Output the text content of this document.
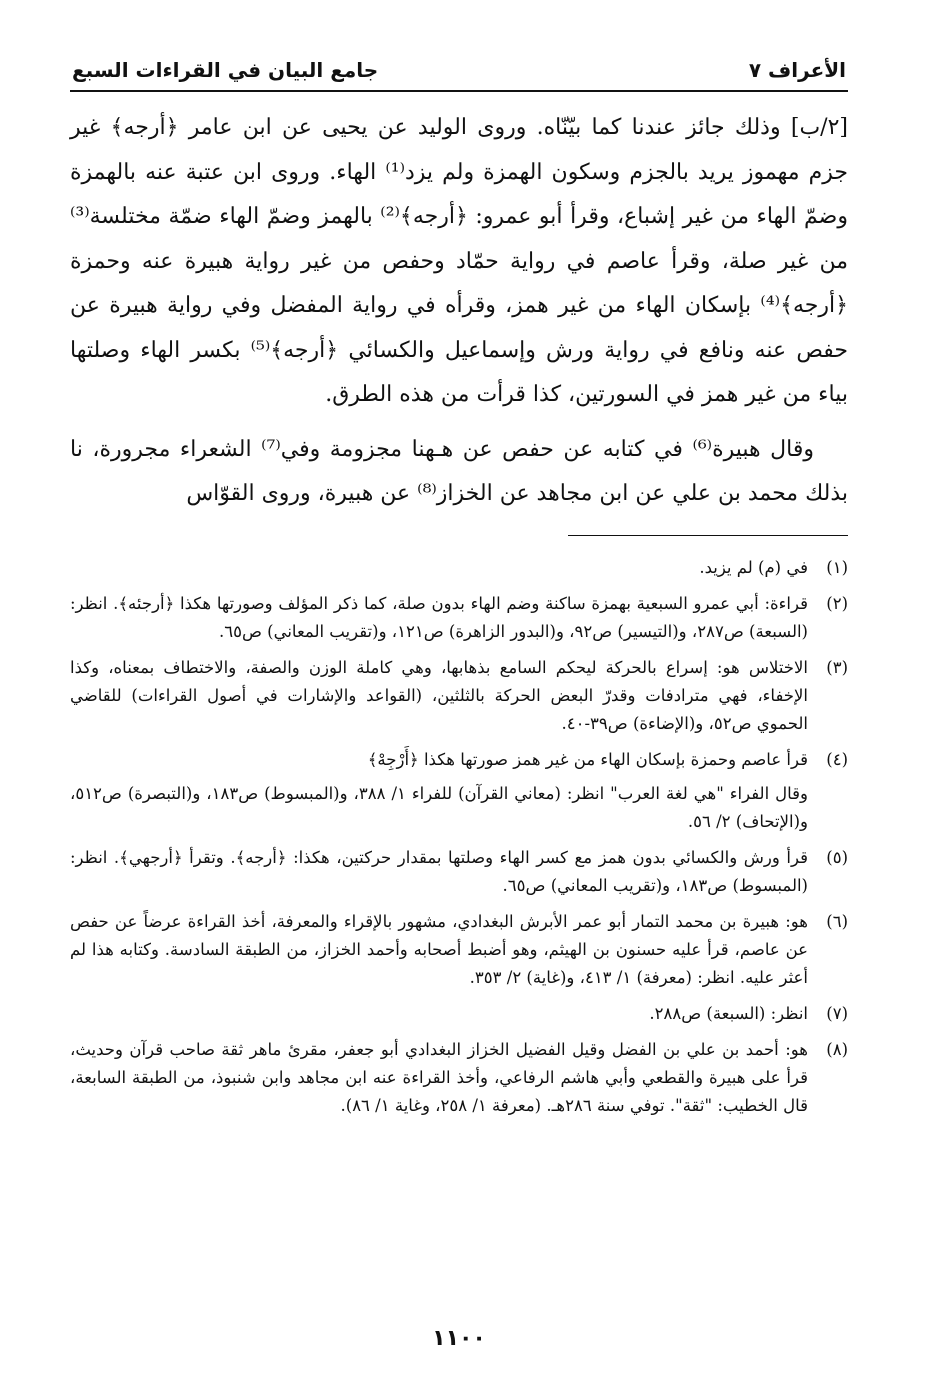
الأعراف ٧
جامع البيان في القراءات السبع

[٢/ب] وذلك جائز عندنا كما بيّنّاه. وروى الوليد عن يحيى عن ابن عامر ﴿أرجه﴾ غير جزم مهموز يريد بالجزم وسكون الهمزة ولم يزد⁽¹⁾ الهاء. وروى ابن عتبة عنه بالهمزة وضمّ الهاء من غير إشباع، وقرأ أبو عمرو: ﴿أرجه﴾⁽²⁾ بالهمز وضمّ الهاء ضمّة مختلسة⁽³⁾ من غير صلة، وقرأ عاصم في رواية حمّاد وحفص من غير رواية هبيرة عنه وحمزة ﴿أرجه﴾⁽⁴⁾ بإسكان الهاء من غير همز، وقرأه في رواية المفضل وفي رواية هبيرة عن حفص عنه ونافع في رواية ورش وإسماعيل والكسائي ﴿أرجه﴾⁽⁵⁾ بكسر الهاء وصلتها بياء من غير همز في السورتين، كذا قرأت من هذه الطرق.

وقال هبيرة⁽⁶⁾ في كتابه عن حفص عن هـهنا مجزومة وفي⁽⁷⁾ الشعراء مجرورة، نا بذلك محمد بن علي عن ابن مجاهد عن الخزاز⁽⁸⁾ عن هبيرة، وروى القوّاس

(١)

في (م) لم يزيد.

(٢)

قراءة: أبي عمرو السبعية بهمزة ساكنة وضم الهاء بدون صلة، كما ذكر المؤلف وصورتها هكذا ﴿أرجئه﴾. انظر: (السبعة) ص٢٨٧، و(التيسير) ص٩٢، و(البدور الزاهرة) ص١٢١، و(تقريب المعاني) ص٦٥.

(٣)

الاختلاس هو: إسراع بالحركة ليحكم السامع بذهابها، وهي كاملة الوزن والصفة، والاختطاف بمعناه، وكذا الإخفاء، فهي مترادفات وقدرّ البعض الحركة بالثلثين، (القواعد والإشارات في أصول القراءات) للقاضي الحموي ص٥٢، و(الإضاءة) ص٣٩-٤٠.

(٤)

قرأ عاصم وحمزة بإسكان الهاء من غير همز صورتها هكذا ﴿أَرْجِهْ﴾

وقال الفراء "هي لغة العرب" انظر: (معاني القرآن) للفراء ١/ ٣٨٨، و(المبسوط) ص١٨٣، و(التبصرة) ص٥١٢، و(الإتحاف) ٢/ ٥٦.

(٥)

قرأ ورش والكسائي بدون همز مع كسر الهاء وصلتها بمقدار حركتين، هكذا: ﴿أرجه﴾. وتقرأ ﴿أرجهي﴾. انظر: (المبسوط) ص١٨٣، و(تقريب المعاني) ص٦٥.

(٦)

هو: هبيرة بن محمد التمار أبو عمر الأبرش البغدادي، مشهور بالإقراء والمعرفة، أخذ القراءة عرضاً عن حفص عن عاصم، قرأ عليه حسنون بن الهيثم، وهو أضبط أصحابه وأحمد الخزاز، من الطبقة السادسة. وكتابه هذا لم أعثر عليه. انظر: (معرفة) ١/ ٤١٣، و(غاية) ٢/ ٣٥٣.

(٧)

انظر: (السبعة) ص٢٨٨.

(٨)

هو: أحمد بن علي بن الفضل وقيل الفضيل الخزاز البغدادي أبو جعفر، مقرئ ماهر ثقة صاحب قرآن وحديث، قرأ على هبيرة والقطعي وأبي هاشم الرفاعي، وأخذ القراءة عنه ابن مجاهد وابن شنبوذ، من الطبقة السابعة، قال الخطيب: "ثقة". توفي سنة ٢٨٦هـ. (معرفة ١/ ٢٥٨، وغاية ١/ ٨٦).

١١٠٠
